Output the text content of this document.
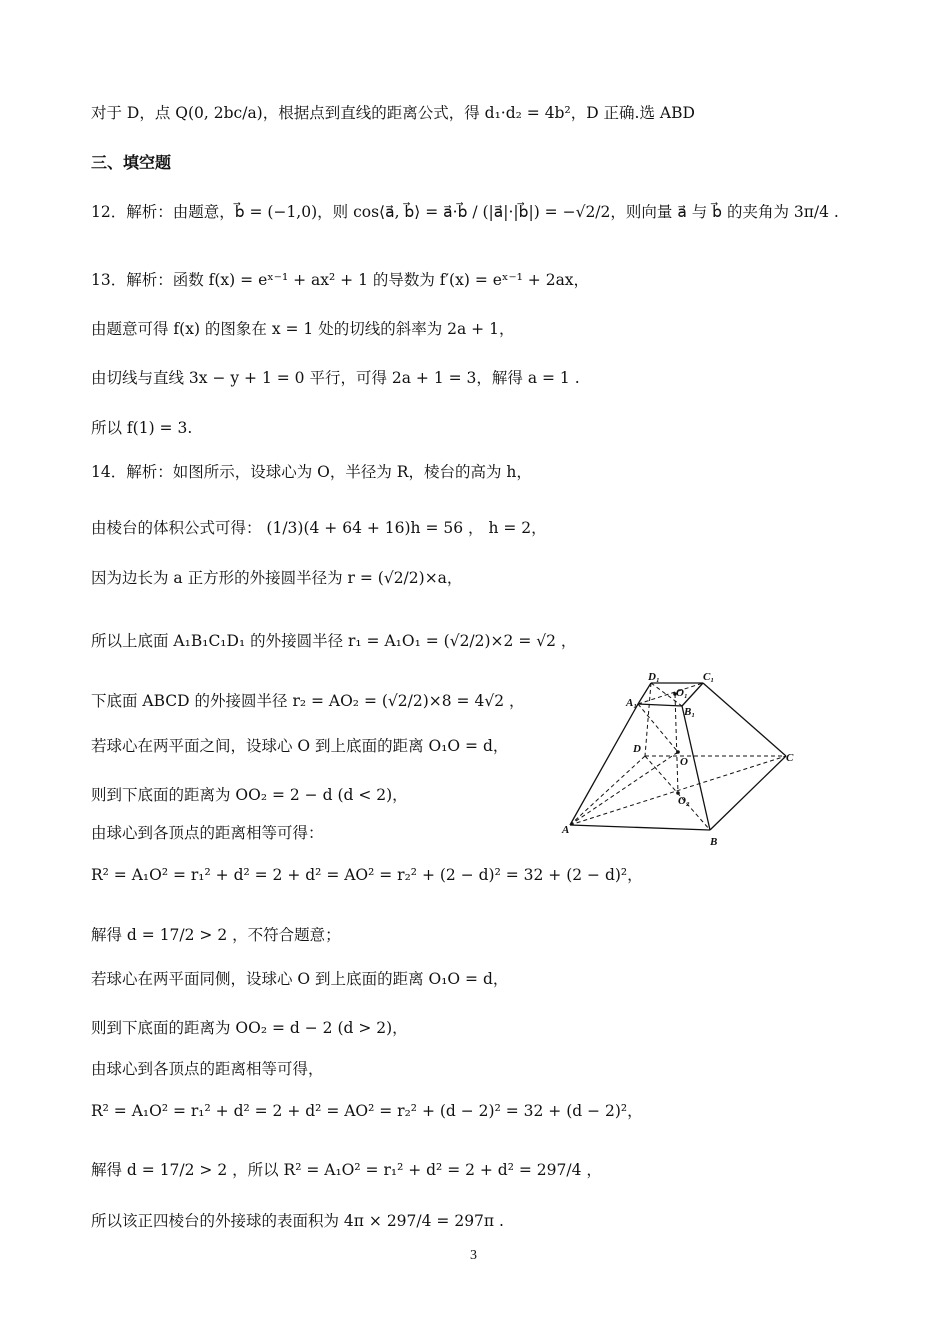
对于 D，点 Q(0, 2bc/a)，根据点到直线的距离公式，得 d₁·d₂ = 4b²，D 正确.选 ABD
三、填空题
12．解析：由题意，b⃗ = (−1,0)，则 cos⟨a⃗, b⃗⟩ = a⃗·b⃗ / (|a⃗|·|b⃗|) = −√2/2，则向量 a⃗ 与 b⃗ 的夹角为 3π/4 .
13．解析：函数 f(x) = eˣ⁻¹ + ax² + 1 的导数为 f′(x) = eˣ⁻¹ + 2ax，
由题意可得 f(x) 的图象在 x = 1 处的切线的斜率为 2a + 1，
由切线与直线 3x − y + 1 = 0 平行，可得 2a + 1 = 3，解得 a = 1 .
所以 f(1) = 3.
14．解析：如图所示，设球心为 O，半径为 R，棱台的高为 h，
由棱台的体积公式可得： (1/3)(4 + 64 + 16)h = 56 ， h = 2，
因为边长为 a 正方形的外接圆半径为 r = (√2/2)×a，
所以上底面 A₁B₁C₁D₁ 的外接圆半径 r₁ = A₁O₁ = (√2/2)×2 = √2 ，
下底面 ABCD 的外接圆半径 r₂ = AO₂ = (√2/2)×8 = 4√2 ，
若球心在两平面之间，设球心 O 到上底面的距离 O₁O = d，
则到下底面的距离为 OO₂ = 2 − d (d < 2)，
由球心到各顶点的距离相等可得：
R² = A₁O² = r₁² + d² = 2 + d² = AO² = r₂² + (2 − d)² = 32 + (2 − d)²，
解得 d = 17/2 > 2 ，不符合题意；
若球心在两平面同侧，设球心 O 到上底面的距离 O₁O = d，
则到下底面的距离为 OO₂ = d − 2 (d > 2)，
由球心到各顶点的距离相等可得，
R² = A₁O² = r₁² + d² = 2 + d² = AO² = r₂² + (d − 2)² = 32 + (d − 2)²，
解得 d = 17/2 > 2 ，所以 R² = A₁O² = r₁² + d² = 2 + d² = 297/4 ，
所以该正四棱台的外接球的表面积为 4π × 297/4 = 297π .
D₁
O₁
C₁
A₁
B₁
D
O	C
O₂
A
B
3
